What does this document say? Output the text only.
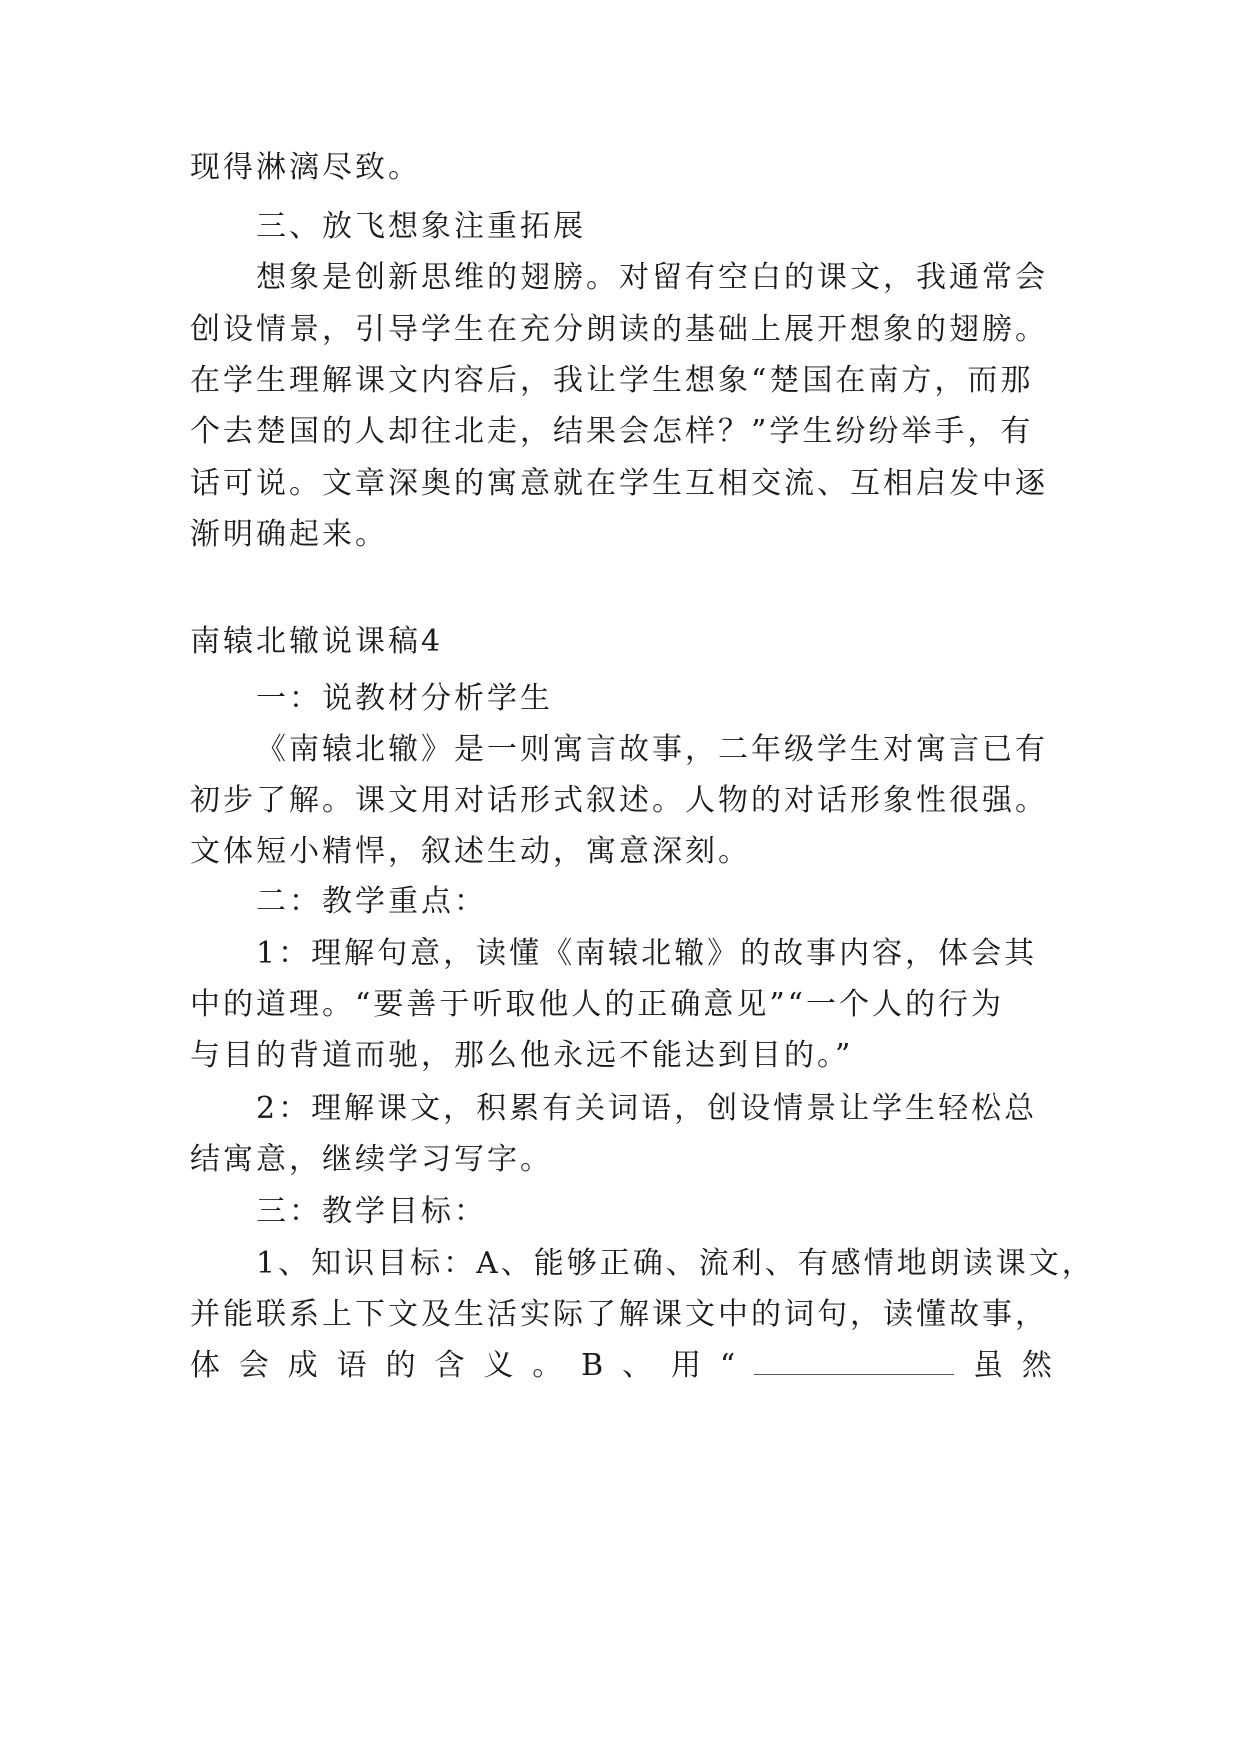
现得淋漓尽致。
三、放飞想象注重拓展
想象是创新思维的翅膀。对留有空白的课文，我通常会
创设情景，引导学生在充分朗读的基础上展开想象的翅膀。
在学生理解课文内容后，我让学生想象“楚国在南方，而那
个去楚国的人却往北走，结果会怎样？”学生纷纷举手，有
话可说。文章深奥的寓意就在学生互相交流、互相启发中逐
渐明确起来。
南辕北辙说课稿4
一：说教材分析学生
《南辕北辙》是一则寓言故事，二年级学生对寓言已有
初步了解。课文用对话形式叙述。人物的对话形象性很强。
文体短小精悍，叙述生动，寓意深刻。
二：教学重点：
1：理解句意，读懂《南辕北辙》的故事内容，体会其
中的道理。“要善于听取他人的正确意见”“一个人的行为
与目的背道而驰，那么他永远不能达到目的。”
2：理解课文，积累有关词语，创设情景让学生轻松总
结寓意，继续学习写字。
三：教学目标：
1、知识目标：A、能够正确、流利、有感情地朗读课文，
并能联系上下文及生活实际了解课文中的词句，读懂故事，
体 会 成 语 的 含 义 。 B 、 用 “	虽 然
